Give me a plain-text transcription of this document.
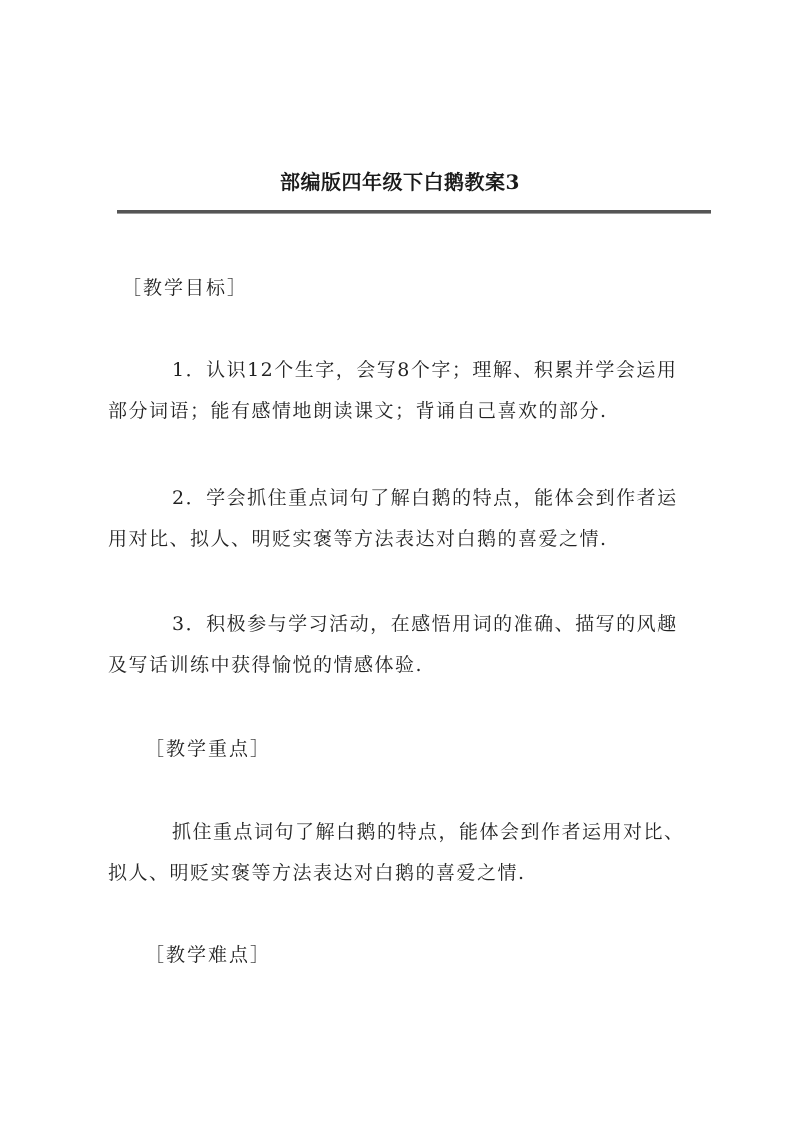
部编版四年级下白鹅教案3
［教学目标］
1．认识12个生字，会写8个字；理解、积累并学会运用
部分词语；能有感情地朗读课文；背诵自己喜欢的部分.
2．学会抓住重点词句了解白鹅的特点，能体会到作者运
用对比、拟人、明贬实褒等方法表达对白鹅的喜爱之情.
3．积极参与学习活动，在感悟用词的准确、描写的风趣
及写话训练中获得愉悦的情感体验.
［教学重点］
抓住重点词句了解白鹅的特点，能体会到作者运用对比、
拟人、明贬实褒等方法表达对白鹅的喜爱之情.
［教学难点］
